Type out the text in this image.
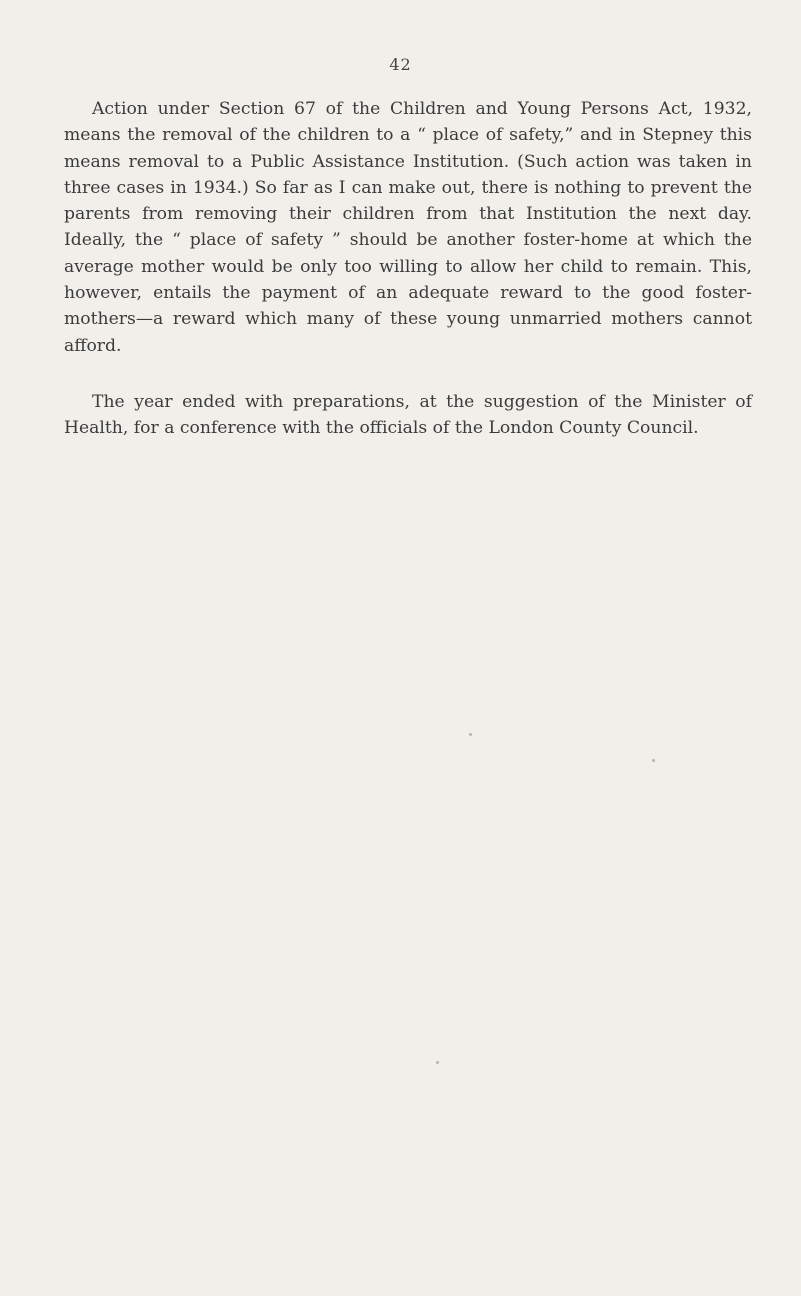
42

Action under Section 67 of the Children and Young Persons Act, 1932, means the removal of the children to a “ place of safety,” and in Stepney this means removal to a Public Assistance Institution. (Such action was taken in three cases in 1934.) So far as I can make out, there is nothing to prevent the parents from removing their children from that Institution the next day. Ideally, the “ place of safety ” should be another foster-home at which the average mother would be only too willing to allow her child to remain. This, however, entails the payment of an adequate reward to the good foster-mothers—a reward which many of these young unmarried mothers cannot afford.

The year ended with preparations, at the suggestion of the Minister of Health, for a conference with the officials of the London County Council.
